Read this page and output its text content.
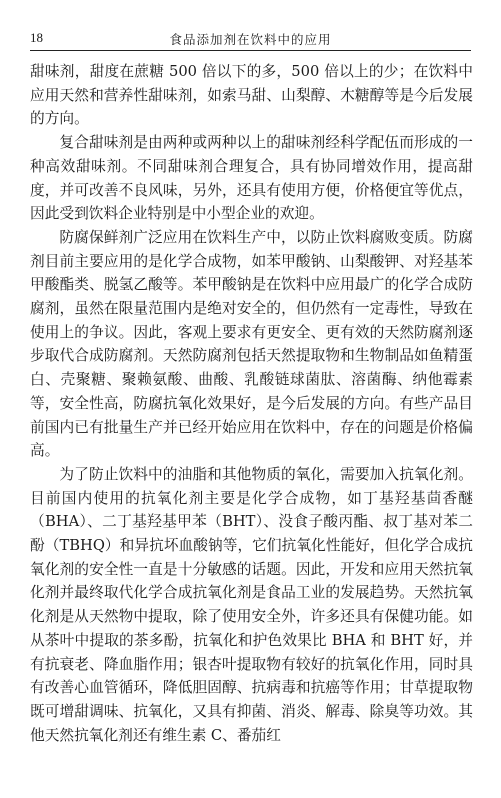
18	食品添加剂在饮料中的应用

甜味剂，甜度在蔗糖 500 倍以下的多，500 倍以上的少；在饮料中应用天然和营养性甜味剂，如索马甜、山梨醇、木糖醇等是今后发展的方向。

复合甜味剂是由两种或两种以上的甜味剂经科学配伍而形成的一种高效甜味剂。不同甜味剂合理复合，具有协同增效作用，提高甜度，并可改善不良风味，另外，还具有使用方便，价格便宜等优点，因此受到饮料企业特别是中小型企业的欢迎。

防腐保鲜剂广泛应用在饮料生产中，以防止饮料腐败变质。防腐剂目前主要应用的是化学合成物，如苯甲酸钠、山梨酸钾、对羟基苯甲酸酯类、脱氢乙酸等。苯甲酸钠是在饮料中应用最广的化学合成防腐剂，虽然在限量范围内是绝对安全的，但仍然有一定毒性，导致在使用上的争议。因此，客观上要求有更安全、更有效的天然防腐剂逐步取代合成防腐剂。天然防腐剂包括天然提取物和生物制品如鱼精蛋白、壳聚糖、聚赖氨酸、曲酸、乳酸链球菌肽、溶菌酶、纳他霉素等，安全性高，防腐抗氧化效果好，是今后发展的方向。有些产品目前国内已有批量生产并已经开始应用在饮料中，存在的问题是价格偏高。

为了防止饮料中的油脂和其他物质的氧化，需要加入抗氧化剂。目前国内使用的抗氧化剂主要是化学合成物，如丁基羟基茴香醚（BHA）、二丁基羟基甲苯（BHT）、没食子酸丙酯、叔丁基对苯二酚（TBHQ）和异抗坏血酸钠等，它们抗氧化性能好，但化学合成抗氧化剂的安全性一直是十分敏感的话题。因此，开发和应用天然抗氧化剂并最终取代化学合成抗氧化剂是食品工业的发展趋势。天然抗氧化剂是从天然物中提取，除了使用安全外，许多还具有保健功能。如从茶叶中提取的茶多酚，抗氧化和护色效果比 BHA 和 BHT 好，并有抗衰老、降血脂作用；银杏叶提取物有较好的抗氧化作用，同时具有改善心血管循环，降低胆固醇、抗病毒和抗癌等作用；甘草提取物既可增甜调味、抗氧化，又具有抑菌、消炎、解毒、除臭等功效。其他天然抗氧化剂还有维生素 C、番茄红
